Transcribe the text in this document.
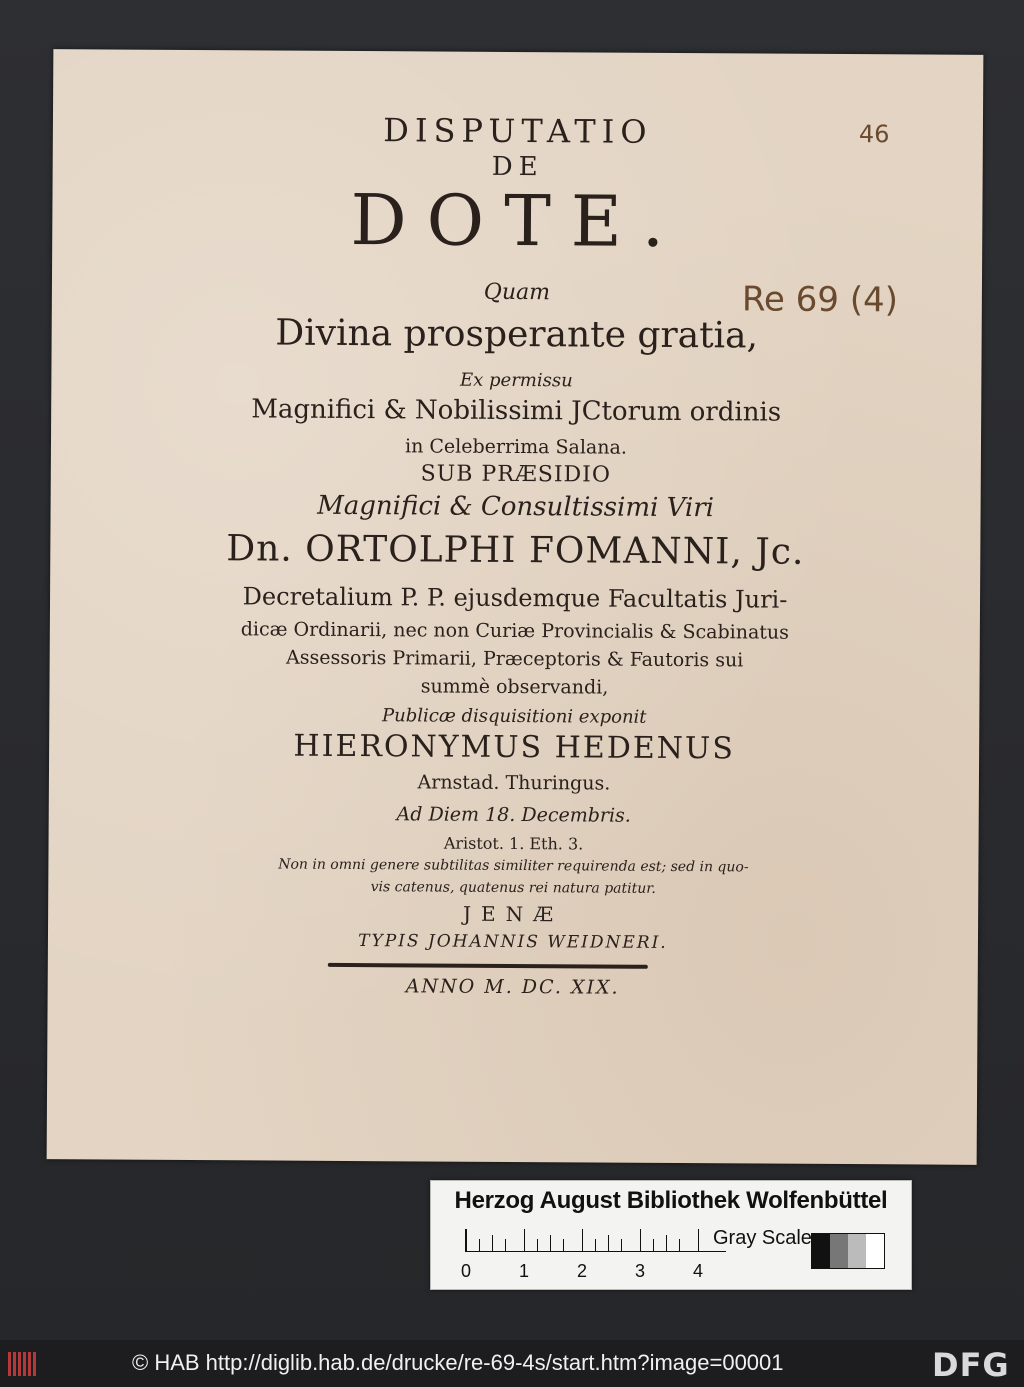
DISPUTATIO
DE
DOTE.
Quam
Divina prosperante gratia,
Ex permissu
Magnifici & Nobilissimi JCtorum ordinis
in Celeberrima Salana.
SUB PRÆSIDIO
Magnifici & Consultissimi Viri
Dn. ORTOLPHI FOMANNI, Jc.
Decretalium P. P. ejusdemque Facultatis Juri-
dicæ Ordinarii, nec non Curiæ Provincialis & Scabinatus
Assessoris Primarii, Præceptoris & Fautoris sui
summè observandi,
Publicæ disquisitioni exponit
HIERONYMUS HEDENUS
Arnstad. Thuringus.
Ad Diem 18. Decembris.
Aristot. 1. Eth. 3.
Non in omni genere subtilitas similiter requirenda est; sed in quo-
vis catenus, quatenus rei natura patitur.
JENÆ
TYPIS JOHANNIS WEIDNERI.
ANNO M. DC. XIX.
46
Re 69 (4)
Herzog August Bibliothek Wolfenbüttel
0	1	2	3	4
Gray Scale
© HAB http://diglib.hab.de/drucke/re-69-4s/start.htm?image=00001	DFG
